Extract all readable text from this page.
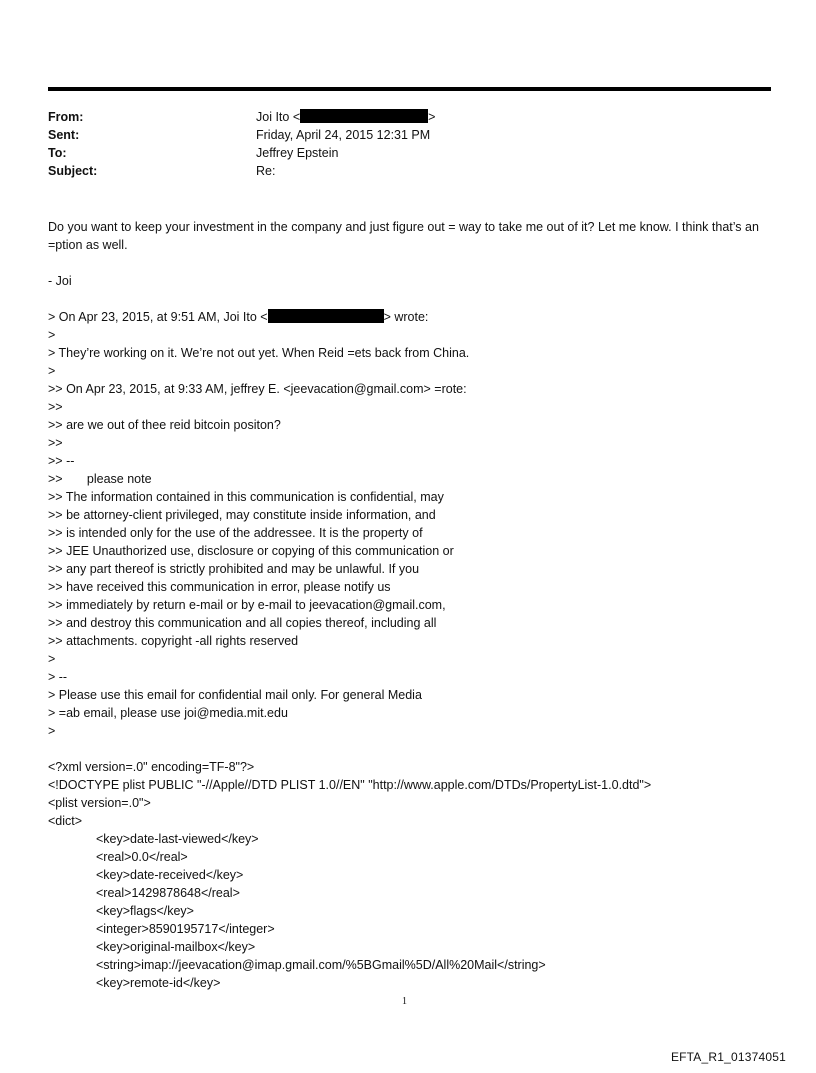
From:	Joi Ito <	>
Sent:	Friday, April 24, 2015 12:31 PM
To:	Jeffrey Epstein
Subject:	Re:
Do you want to keep your investment in the company and just figure out = way to take me out of it? Let me know. I think that’s an =ption as well.
- Joi
> On Apr 23, 2015, at 9:51 AM, Joi Ito <	> wrote:
>
> They’re working on it. We’re not out yet. When Reid =ets back from China.
>
>> On Apr 23, 2015, at 9:33 AM, jeffrey E. <jeevacation@gmail.com> =rote:
>>
>> are we out of thee reid bitcoin positon?
>>
>> --
>>       please note
>> The information contained in this communication is confidential, may
>> be attorney-client privileged, may constitute inside information, and
>> is intended only for the use of the addressee. It is the property of
>> JEE Unauthorized use, disclosure or copying of this communication or
>> any part thereof is strictly prohibited and may be unlawful. If you
>> have received this communication in error, please notify us
>> immediately by return e-mail or by e-mail to jeevacation@gmail.com,
>> and destroy this communication and all copies thereof, including all
>> attachments. copyright -all rights reserved
>
> --
> Please use this email for confidential mail only. For general Media
> =ab email, please use joi@media.mit.edu
>
<?xml version=.0" encoding=TF-8"?>
<!DOCTYPE plist PUBLIC "-//Apple//DTD PLIST 1.0//EN" "http://www.apple.com/DTDs/PropertyList-1.0.dtd">
<plist version=.0">
<dict>
<key>date-last-viewed</key>
<real>0.0</real>
<key>date-received</key>
<real>1429878648</real>
<key>flags</key>
<integer>8590195717</integer>
<key>original-mailbox</key>
<string>imap://jeevacation@imap.gmail.com/%5BGmail%5D/All%20Mail</string>
<key>remote-id</key>
1
EFTA_R1_01374051
